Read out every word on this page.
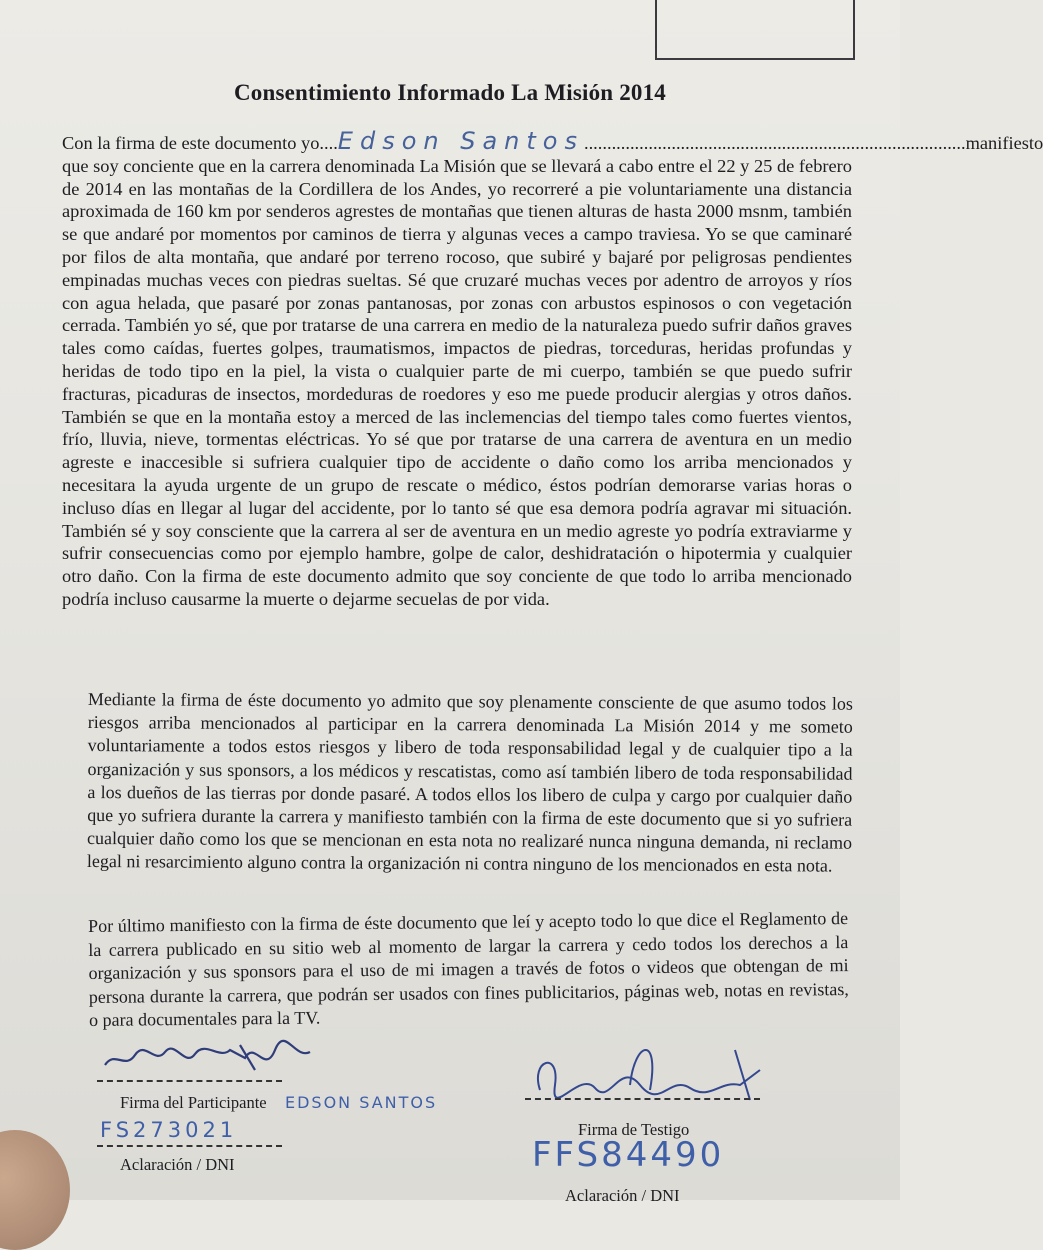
Consentimiento Informado La Misión 2014
Con la firma de este documento yo .... Edson Santos ................................................................................... manifiesto
que soy conciente que en la carrera denominada La Misión que se llevará a cabo entre el 22 y 25 de febrero de 2014 en las montañas de la Cordillera de los Andes, yo recorreré a pie voluntariamente una distancia aproximada de 160 km por senderos agrestes de montañas que tienen alturas de hasta 2000 msnm, también se que andaré por momentos por caminos de tierra y algunas veces a campo traviesa. Yo se que caminaré por filos de alta montaña, que andaré por terreno rocoso, que subiré y bajaré por peligrosas pendientes empinadas muchas veces con piedras sueltas. Sé que cruzaré muchas veces por adentro de arroyos y ríos con agua helada, que pasaré por zonas pantanosas, por zonas con arbustos espinosos o con vegetación cerrada. También yo sé, que por tratarse de una carrera en medio de la naturaleza puedo sufrir daños graves tales como caídas, fuertes golpes, traumatismos, impactos de piedras, torceduras, heridas profundas y heridas de todo tipo en la piel, la vista o cualquier parte de mi cuerpo, también se que puedo sufrir fracturas, picaduras de insectos, mordeduras de roedores y eso me puede producir alergias y otros daños. También se que en la montaña estoy a merced de las inclemencias del tiempo tales como fuertes vientos, frío, lluvia, nieve, tormentas eléctricas. Yo sé que por tratarse de una carrera de aventura en un medio agreste e inaccesible si sufriera cualquier tipo de accidente o daño como los arriba mencionados y necesitara la ayuda urgente de un grupo de rescate o médico, éstos podrían demorarse varias horas o incluso días en llegar al lugar del accidente, por lo tanto sé que esa demora podría agravar mi situación. También sé y soy consciente que la carrera al ser de aventura en un medio agreste yo podría extraviarme y sufrir consecuencias como por ejemplo hambre, golpe de calor, deshidratación o hipotermia y cualquier otro daño. Con la firma de este documento admito que soy conciente de que todo lo arriba mencionado podría incluso causarme la muerte o dejarme secuelas de por vida.
Mediante la firma de éste documento yo admito que soy plenamente consciente de que asumo todos los riesgos arriba mencionados al participar en la carrera denominada La Misión 2014 y me someto voluntariamente a todos estos riesgos y libero de toda responsabilidad legal y de cualquier tipo a la organización y sus sponsors, a los médicos y rescatistas, como así también libero de toda responsabilidad a los dueños de las tierras por donde pasaré. A todos ellos los libero de culpa y cargo por cualquier daño que yo sufriera durante la carrera y manifiesto también con la firma de este documento que si yo sufriera cualquier daño como los que se mencionan en esta nota no realizaré nunca ninguna demanda, ni reclamo legal ni resarcimiento alguno contra la organización ni contra ninguno de los mencionados en esta nota.
Por último manifiesto con la firma de éste documento que leí y acepto todo lo que dice el Reglamento de la carrera publicado en su sitio web al momento de largar la carrera y cedo todos los derechos a la organización y sus sponsors para el uso de mi imagen a través de fotos o videos que obtengan de mi persona durante la carrera, que podrán ser usados con fines publicitarios, páginas web, notas en revistas, o para documentales para la TV.
Firma del Participante EDSON SANTOS
FS273021
Aclaración / DNI
Firma de Testigo
FFS84490
Aclaración / DNI
